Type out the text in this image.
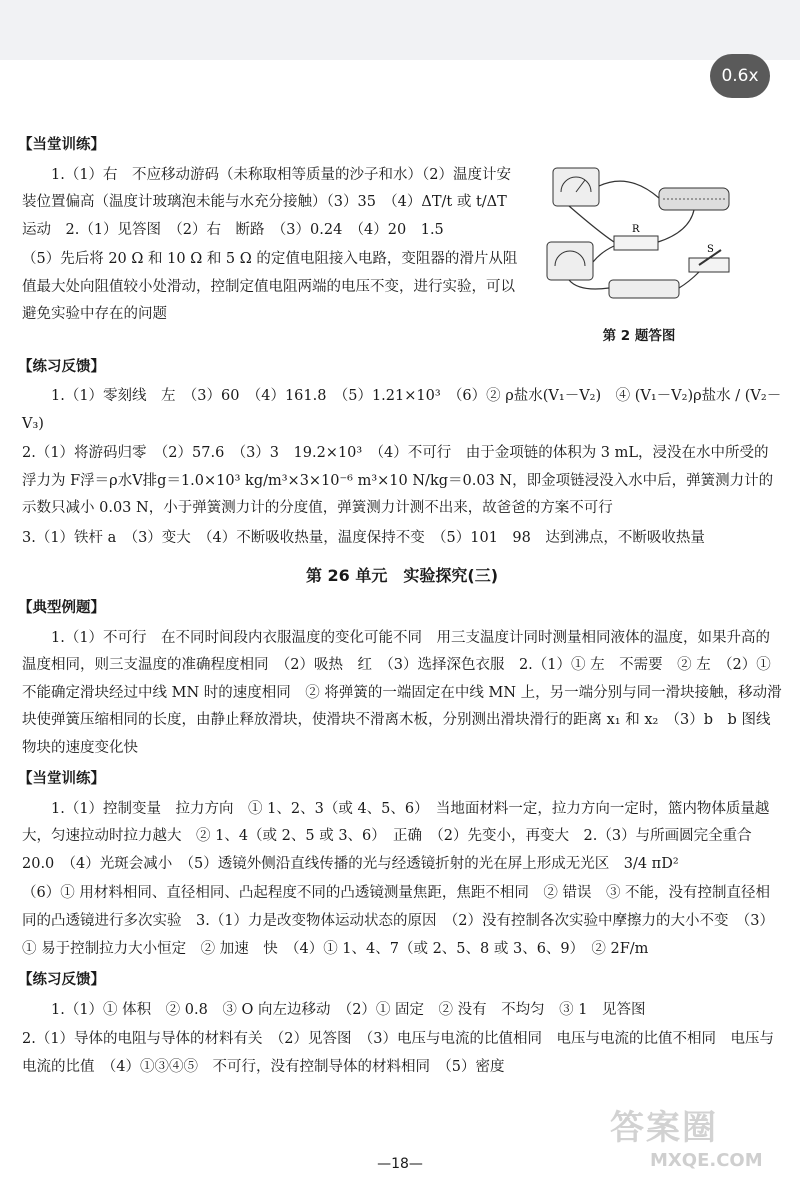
0.6x
【当堂训练】

1.（1）右　不应移动游码（未称取相等质量的沙子和水）（2）温度计安装位置偏高（温度计玻璃泡未能与水充分接触）（3）35　（4）ΔT/t 或 t/ΔT　运动　2.（1）见答图　（2）右　断路　（3）0.24　（4）20　1.5

（5）先后将 20 Ω 和 10 Ω 和 5 Ω 的定值电阻接入电路，变阻器的滑片从阻值最大处向阻值较小处滑动，控制定值电阻两端的电压不变，进行实验，可以避免实验中存在的问题

R
S
第 2 题答图
【练习反馈】

1.（1）零刻线　左　（3）60　（4）161.8　（5）1.21×10³　（6）② ρ盐水(V₁－V₂)　④ (V₁－V₂)ρ盐水 / (V₂－V₃)

2.（1）将游码归零　（2）57.6　（3）3　19.2×10³　（4）不可行　由于金项链的体积为 3 mL，浸没在水中所受的浮力为 F浮＝ρ水V排g＝1.0×10³ kg/m³×3×10⁻⁶ m³×10 N/kg＝0.03 N，即金项链浸没入水中后，弹簧测力计的示数只减小 0.03 N，小于弹簧测力计的分度值，弹簧测力计测不出来，故爸爸的方案不可行

3.（1）铁杆 a　（3）变大　（4）不断吸收热量，温度保持不变　（5）101　98　达到沸点，不断吸收热量

第 26 单元　实验探究(三)
【典型例题】

1.（1）不可行　在不同时间段内衣服温度的变化可能不同　用三支温度计同时测量相同液体的温度，如果升高的温度相同，则三支温度的准确程度相同　（2）吸热　红　（3）选择深色衣服　2.（1）① 左　不需要　② 左　（2）① 不能确定滑块经过中线 MN 时的速度相同　② 将弹簧的一端固定在中线 MN 上，另一端分别与同一滑块接触，移动滑块使弹簧压缩相同的长度，由静止释放滑块，使滑块不滑离木板，分别测出滑块滑行的距离 x₁ 和 x₂　（3）b　b 图线物块的速度变化快

【当堂训练】

1.（1）控制变量　拉力方向　① 1、2、3（或 4、5、6）　当地面材料一定，拉力方向一定时，篮内物体质量越大，匀速拉动时拉力越大　② 1、4（或 2、5 或 3、6）　正确　（2）先变小，再变大　2.（3）与所画圆完全重合　20.0　（4）光斑会减小　（5）透镜外侧沿直线传播的光与经透镜折射的光在屏上形成无光区　3/4 πD²

（6）① 用材料相同、直径相同、凸起程度不同的凸透镜测量焦距，焦距不相同　② 错误　③ 不能，没有控制直径相同的凸透镜进行多次实验　3.（1）力是改变物体运动状态的原因　（2）没有控制各次实验中摩擦力的大小不变　（3）① 易于控制拉力大小恒定　② 加速　快　（4）① 1、4、7（或 2、5、8 或 3、6、9）　② 2F/m

【练习反馈】

1.（1）① 体积　② 0.8　③ O 向左边移动　（2）① 固定　② 没有　不均匀　③ 1　见答图

2.（1）导体的电阻与导体的材料有关　（2）见答图　（3）电压与电流的比值相同　电压与电流的比值不相同　电压与电流的比值　（4）①③④⑤　不可行，没有控制导体的材料相同　（5）密度

答案圈
MXQE.COM
—18—
